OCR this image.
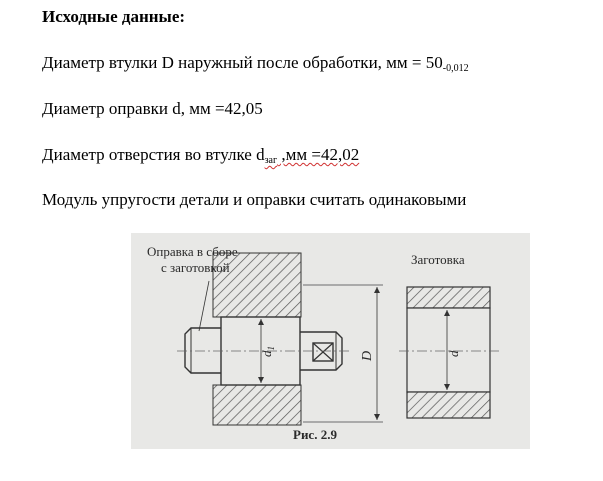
Исходные данные:
Диаметр втулки D наружный после обработки, мм = $50_{-0,012}$
Диаметр оправки d, мм =42,05
Диаметр отверстия во втулке $d_{заг}$ ,мм =42,02
Модуль упругости детали и оправки считать одинаковыми
$d_1$
D
Оправка в сборе
с заготовкой
Заготовка
d
Рис. 2.9
